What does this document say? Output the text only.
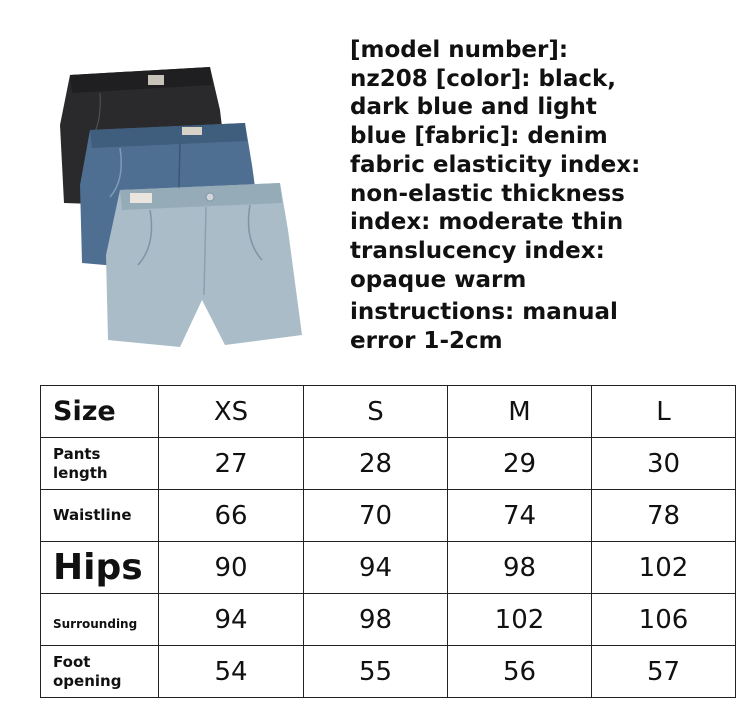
[model number]:
nz208 [color]: black,
dark blue and light
blue [fabric]: denim
fabric elasticity index:
non-elastic thickness
index: moderate thin
translucency index:
opaque warm
instructions: manual
error 1-2cm
Size	XS	S	M	L

Pants
length	27	28	29	30

Waistline	66	70	74	78
Hips	90	94	98	102
Surrounding	94	98	102	106

Foot
opening	54	55	56	57
